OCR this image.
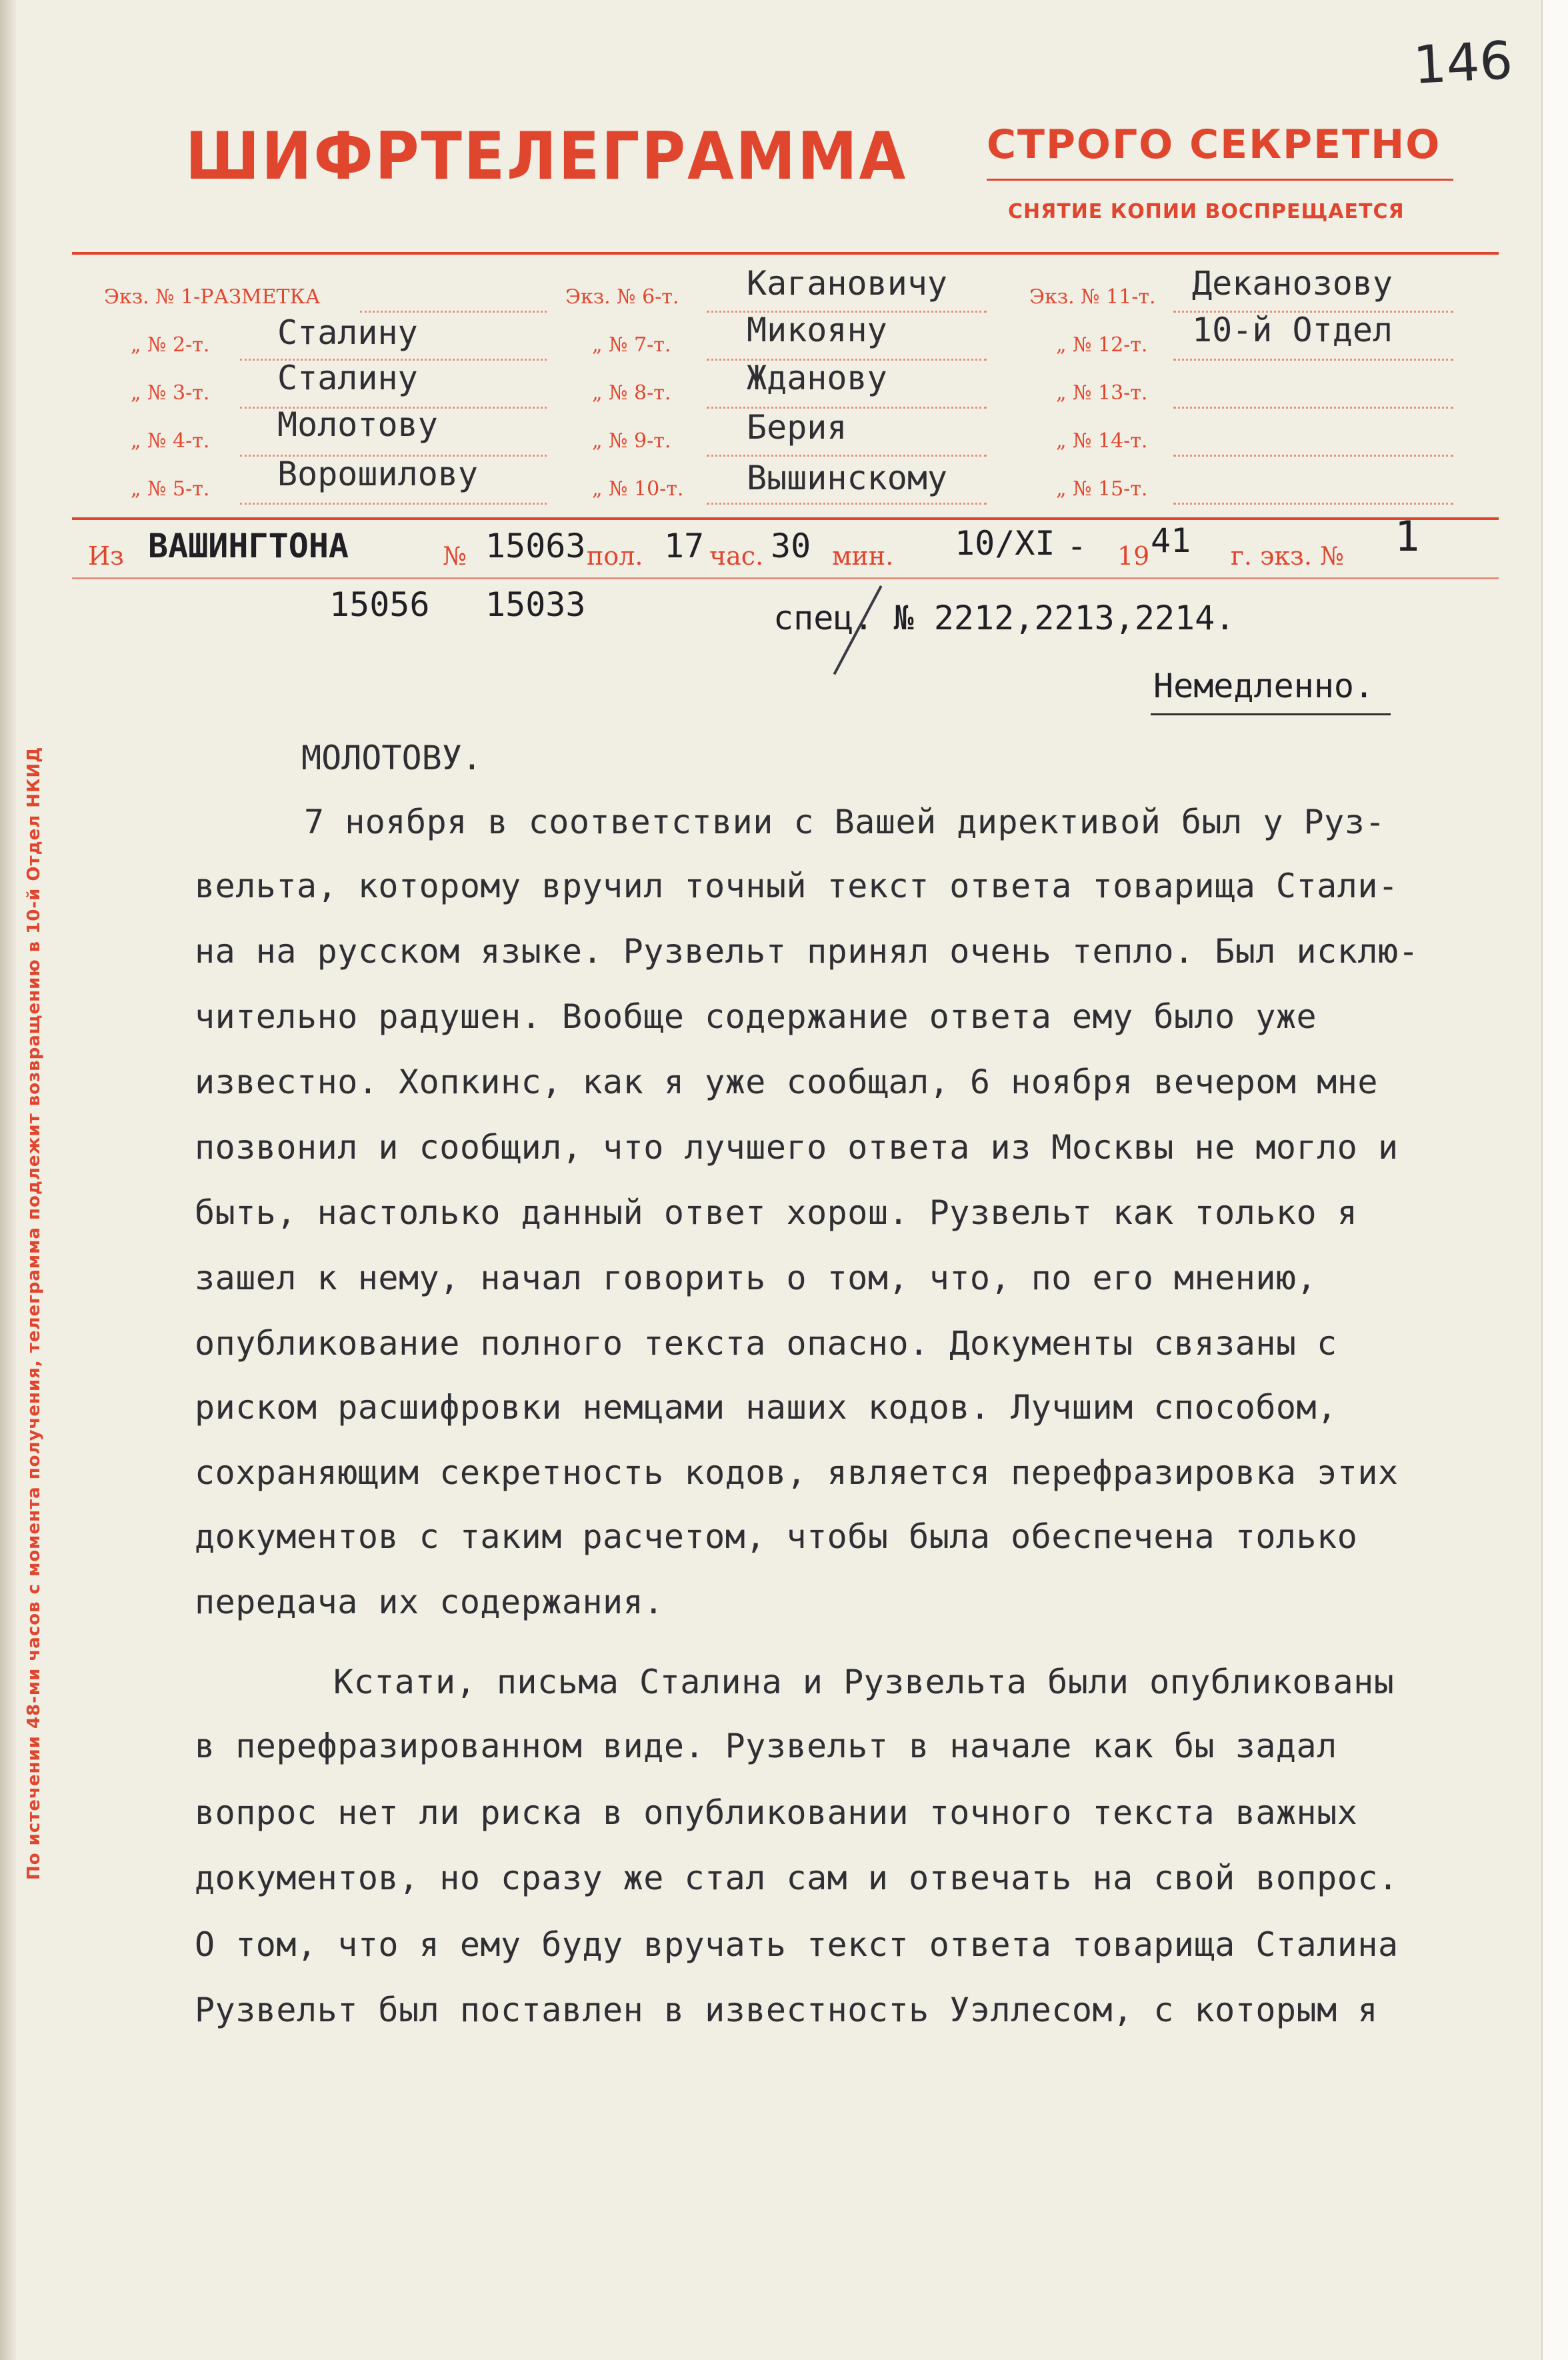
146
ШИФРТЕЛЕГРАММА СТРОГО СЕКРЕТНО
СНЯТИЕ КОПИИ ВОСПРЕЩАЕТСЯ
Экз. № 1-РАЗМЕТКА
„ № 2-т. Сталину
„ № 3-т. Сталину
„ № 4-т. Молотову
„ № 5-т. Ворошилову
Экз. № 6-т. Кагановичу
„ № 7-т. Микояну
„ № 8-т. Жданову
„ № 9-т. Берия
„ № 10-т. Вышинскому
Экз. № 11-т. Деканозову
„ № 12-т. 10-й Отдел
„ № 13-т.
„ № 14-т.
„ № 15-т.
Из ВАШИНГТОНА	№ 15063 пол. 17 час. 30 мин. 10/XI - 19 41 г. экз. № 1
15056 15033	спец. № 2212,2213,2214.
Немедленно.
МОЛОТОВУ.
7 ноября в соответствии с Вашей директивой был у Руз-
вельта, которому вручил точный текст ответа товарища Стали-
на на русском языке. Рузвельт принял очень тепло. Был исклю-
чительно радушен. Вообще содержание ответа ему было уже
известно. Хопкинс, как я уже сообщал, 6 ноября вечером мне
позвонил и сообщил, что лучшего ответа из Москвы не могло и
быть, настолько данный ответ хорош. Рузвельт как только я
зашел к нему, начал говорить о том, что, по его мнению,
опубликование полного текста опасно. Документы связаны с
риском расшифровки немцами наших кодов. Лучшим способом,
сохраняющим секретность кодов, является перефразировка этих
документов с таким расчетом, чтобы была обеспечена только
передача их содержания.
Кстати, письма Сталина и Рузвельта были опубликованы
в перефразированном виде. Рузвельт в начале как бы задал
вопрос нет ли риска в опубликовании точного текста важных
документов, но сразу же стал сам и отвечать на свой вопрос.
О том, что я ему буду вручать текст ответа товарища Сталина
Рузвельт был поставлен в известность Уэллесом, с которым я
По истечении 48-ми часов с момента получения, телеграмма подлежит возвращению в 10-й Отдел НКИД
